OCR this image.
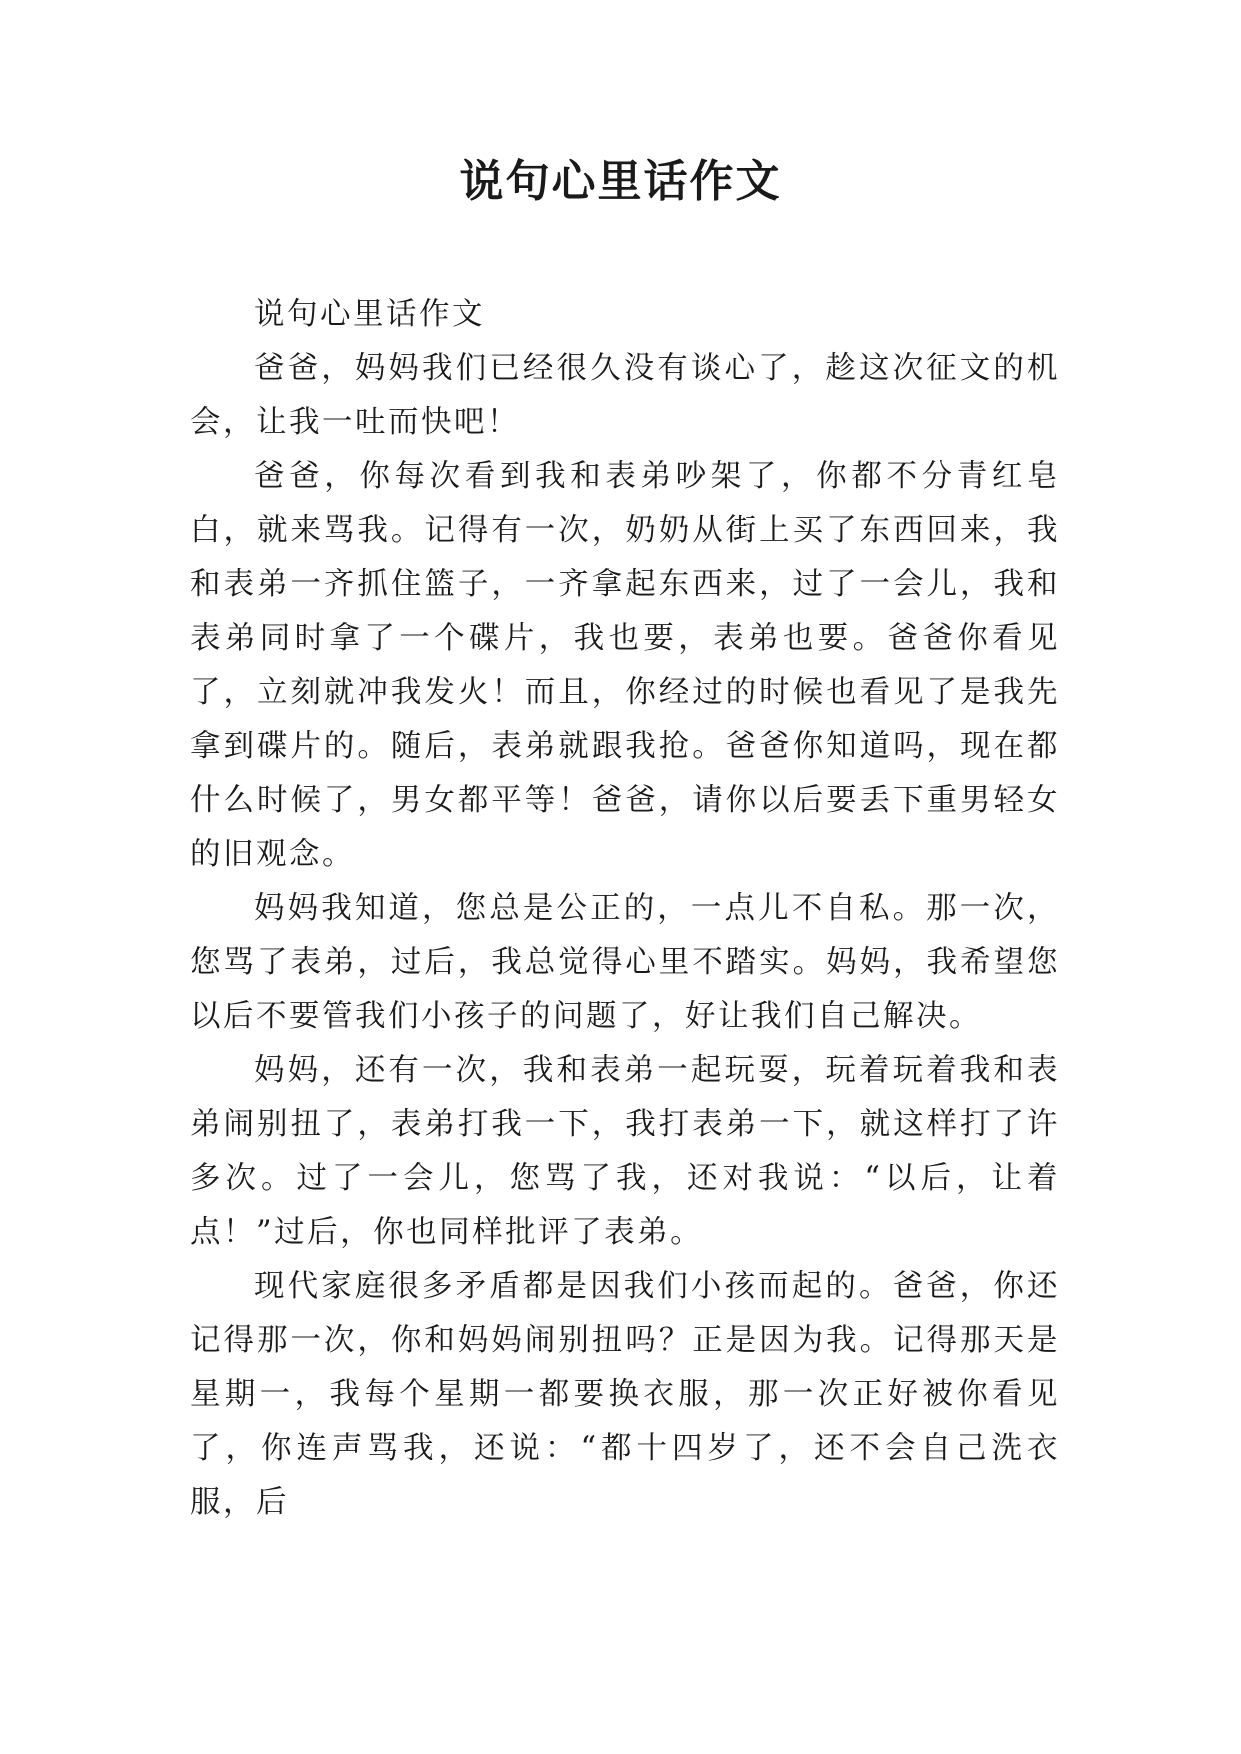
说句心里话作文

说句心里话作文

爸爸，妈妈我们已经很久没有谈心了，趁这次征文的机会，让我一吐而快吧！

爸爸，你每次看到我和表弟吵架了，你都不分青红皂白，就来骂我。记得有一次，奶奶从街上买了东西回来，我和表弟一齐抓住篮子，一齐拿起东西来，过了一会儿，我和表弟同时拿了一个碟片，我也要，表弟也要。爸爸你看见了，立刻就冲我发火！而且，你经过的时候也看见了是我先拿到碟片的。随后，表弟就跟我抢。爸爸你知道吗，现在都什么时候了，男女都平等！爸爸，请你以后要丢下重男轻女的旧观念。

妈妈我知道，您总是公正的，一点儿不自私。那一次，您骂了表弟，过后，我总觉得心里不踏实。妈妈，我希望您以后不要管我们小孩子的问题了，好让我们自己解决。

妈妈，还有一次，我和表弟一起玩耍，玩着玩着我和表弟闹别扭了，表弟打我一下，我打表弟一下，就这样打了许多次。过了一会儿，您骂了我，还对我说：“以后，让着点！”过后，你也同样批评了表弟。

现代家庭很多矛盾都是因我们小孩而起的。爸爸，你还记得那一次，你和妈妈闹别扭吗？正是因为我。记得那天是星期一，我每个星期一都要换衣服，那一次正好被你看见了，你连声骂我，还说：“都十四岁了，还不会自己洗衣服，后
